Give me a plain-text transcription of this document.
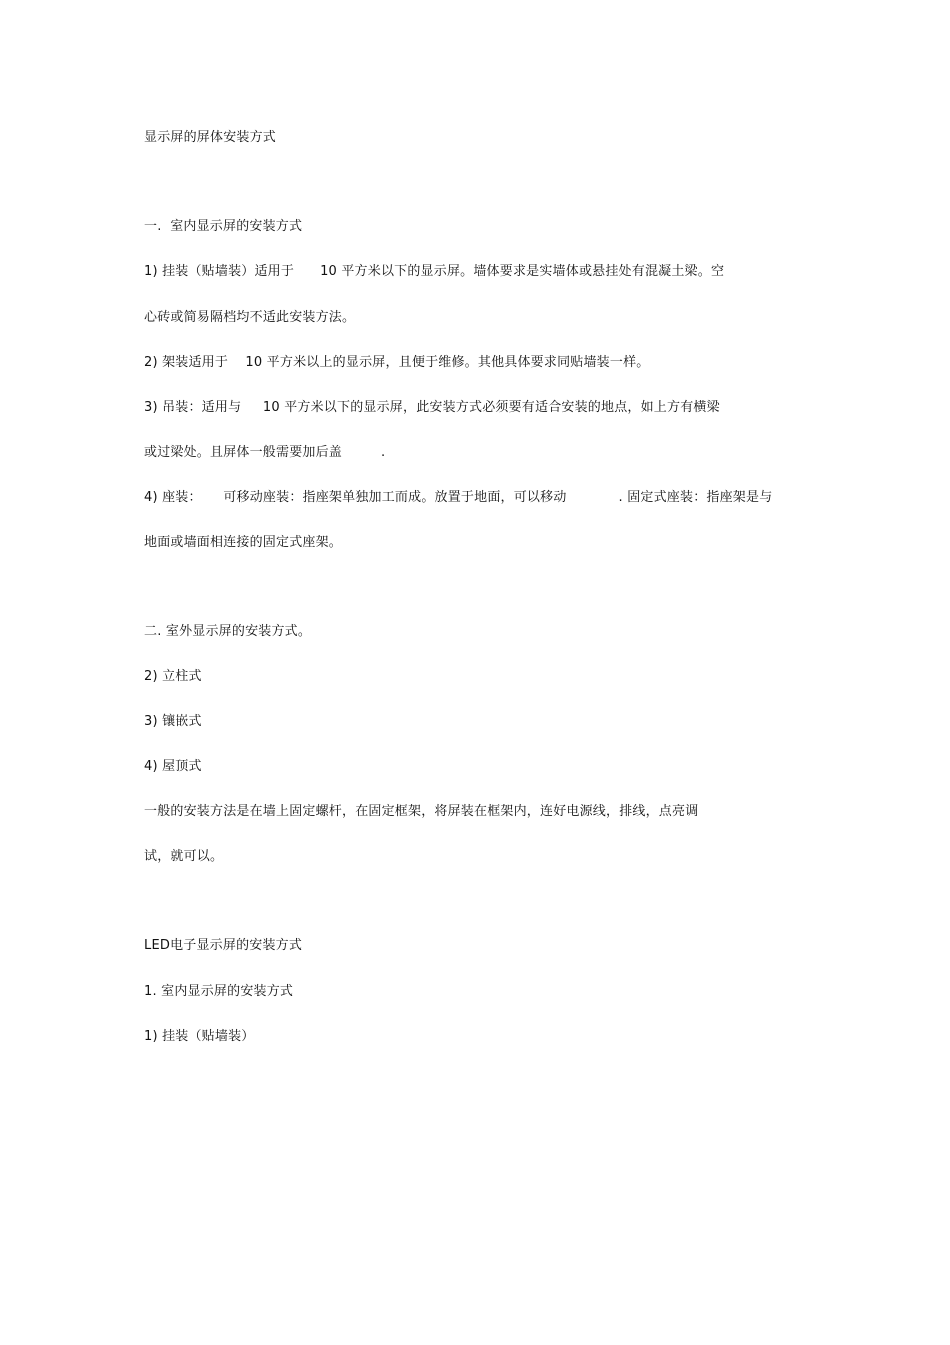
显示屏的屏体安装方式
一.  室内显示屏的安装方式
1) 挂装（贴墙装）适用于      10 平方米以下的显示屏。墙体要求是实墙体或悬挂处有混凝土梁。空
心砖或简易隔档均不适此安装方法。
2) 架装适用于    10 平方米以上的显示屏，且便于维修。其他具体要求同贴墙装一样。
3) 吊装：适用与     10 平方米以下的显示屏，此安装方式必须要有适合安装的地点，如上方有横梁
或过梁处。且屏体一般需要加后盖         .
4) 座装：     可移动座装：指座架单独加工而成。放置于地面，可以移动            . 固定式座装：指座架是与
地面或墙面相连接的固定式座架。
二. 室外显示屏的安装方式。
2) 立柱式
3) 镶嵌式
4) 屋顶式
一般的安装方法是在墙上固定螺杆，在固定框架，将屏装在框架内，连好电源线，排线，点亮调
试，就可以。
LED电子显示屏的安装方式
1. 室内显示屏的安装方式
1) 挂装（贴墙装）
